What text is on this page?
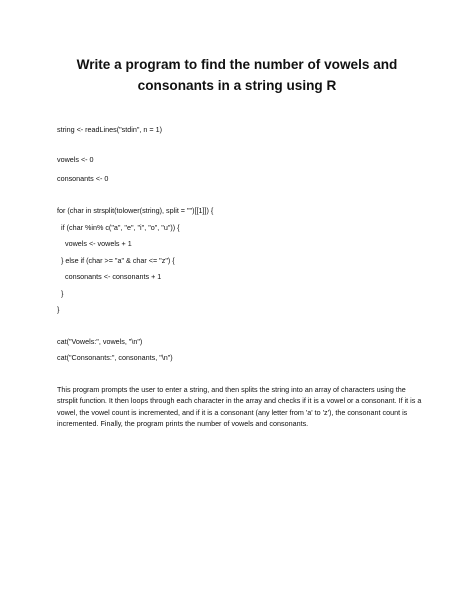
Write a program to find the number of vowels and consonants in a string using R

string <- readLines("stdin", n = 1)

vowels <- 0

consonants <- 0

for (char in strsplit(tolower(string), split = "")[[1]]) {

if (char %in% c("a", "e", "i", "o", "u")) {

vowels <- vowels + 1

} else if (char >= "a" & char <= "z") {

consonants <- consonants + 1

}

}

cat("Vowels:", vowels, "\n")

cat("Consonants:", consonants, "\n")

This program prompts the user to enter a string, and then splits the string into an array of characters using the strsplit function. It then loops through each character in the array and checks if it is a vowel or a consonant. If it is a vowel, the vowel count is incremented, and if it is a consonant (any letter from 'a' to 'z'), the consonant count is incremented. Finally, the program prints the number of vowels and consonants.
